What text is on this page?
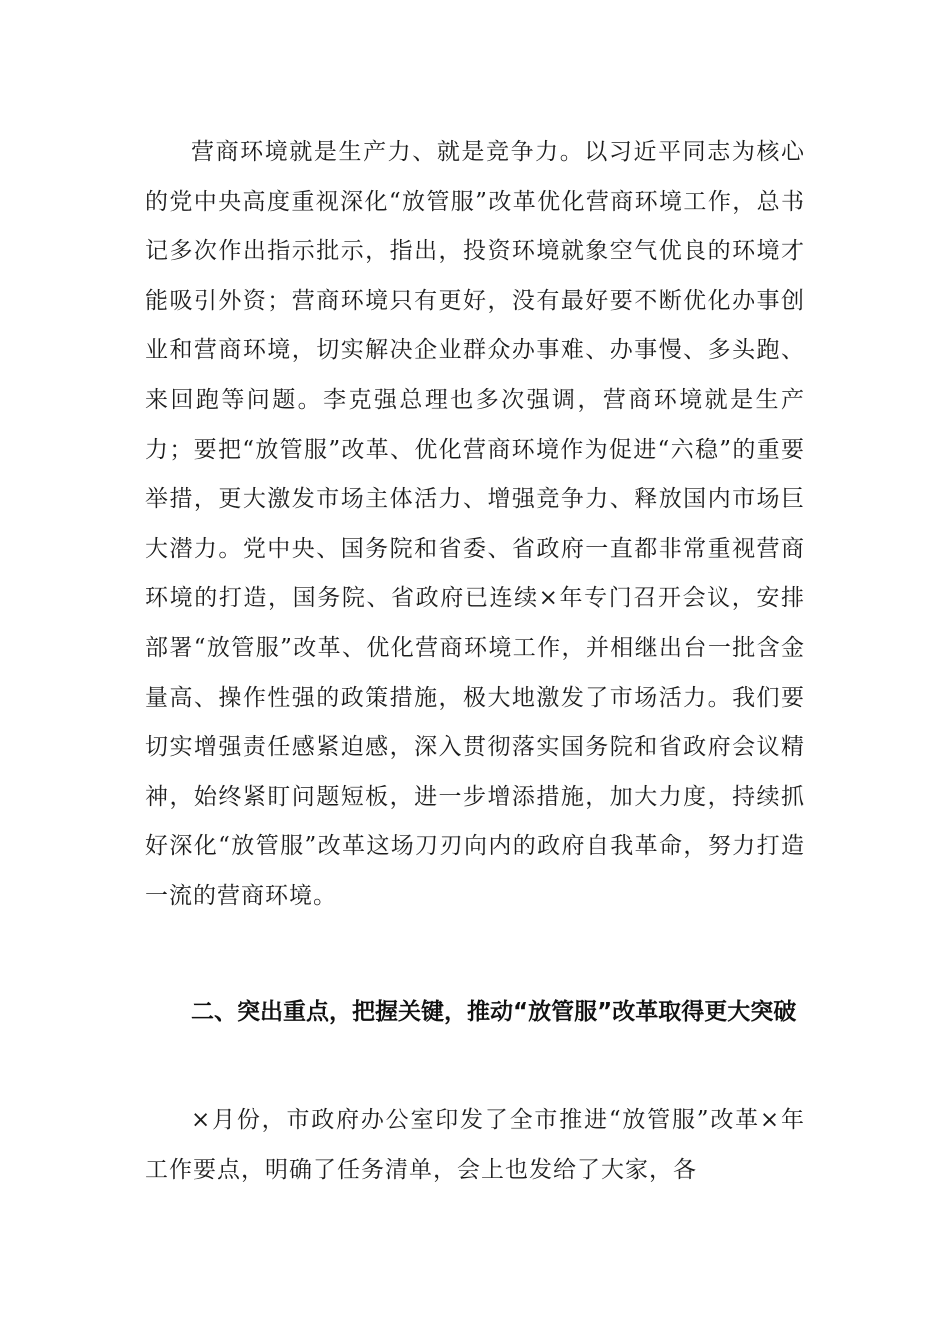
营商环境就是生产力、就是竞争力。以习近平同志为核心的党中央高度重视深化“放管服”改革优化营商环境工作，总书记多次作出指示批示，指出，投资环境就象空气优良的环境才能吸引外资；营商环境只有更好，没有最好要不断优化办事创业和营商环境，切实解决企业群众办事难、办事慢、多头跑、来回跑等问题。李克强总理也多次强调，营商环境就是生产力；要把“放管服”改革、优化营商环境作为促进“六稳”的重要举措，更大激发市场主体活力、增强竞争力、释放国内市场巨大潜力。党中央、国务院和省委、省政府一直都非常重视营商环境的打造，国务院、省政府已连续×年专门召开会议，安排部署“放管服”改革、优化营商环境工作，并相继出台一批含金量高、操作性强的政策措施，极大地激发了市场活力。我们要切实增强责任感紧迫感，深入贯彻落实国务院和省政府会议精神，始终紧盯问题短板，进一步增添措施，加大力度，持续抓好深化“放管服”改革这场刀刃向内的政府自我革命，努力打造一流的营商环境。

二、突出重点，把握关键，推动“放管服”改革取得更大突破

×月份，市政府办公室印发了全市推进“放管服”改革×年工作要点，明确了任务清单，会上也发给了大家，各
